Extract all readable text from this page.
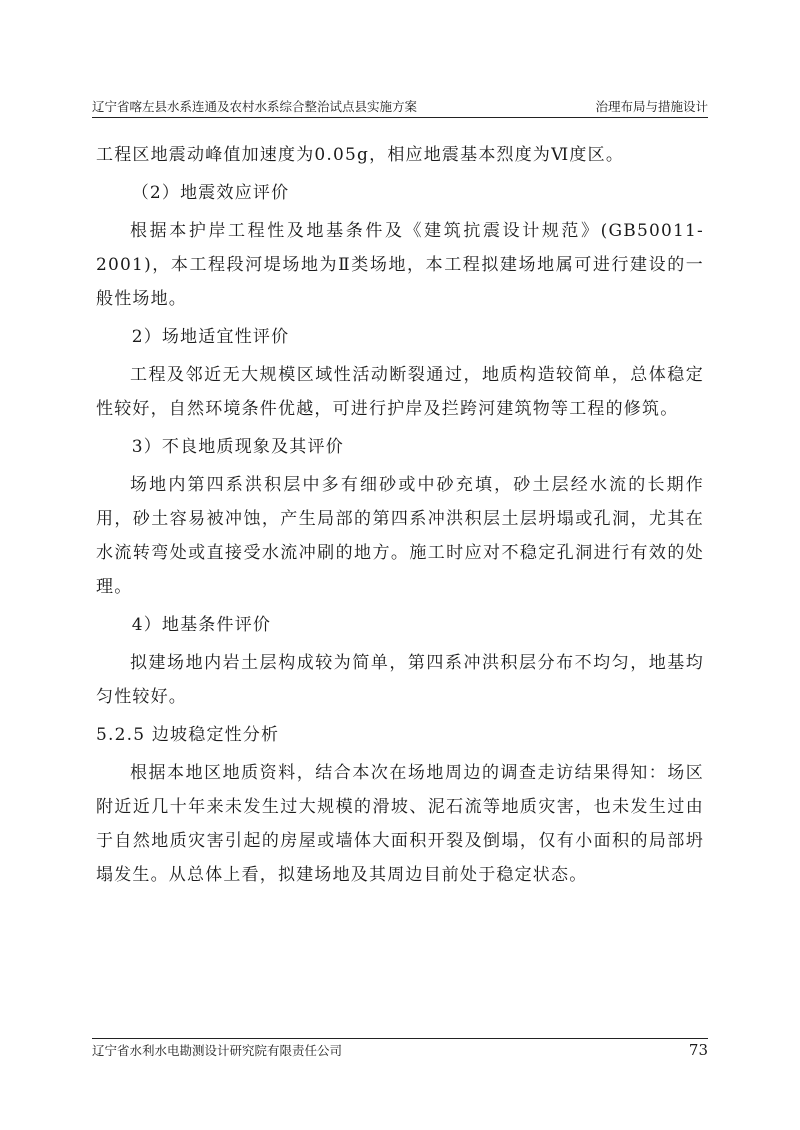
辽宁省喀左县水系连通及农村水系综合整治试点县实施方案	治理布局与措施设计

工程区地震动峰值加速度为0.05g，相应地震基本烈度为Ⅵ度区。

（2）地震效应评价

根据本护岸工程性及地基条件及《建筑抗震设计规范》(GB50011-2001)，本工程段河堤场地为Ⅱ类场地，本工程拟建场地属可进行建设的一般性场地。

2）场地适宜性评价

工程及邻近无大规模区域性活动断裂通过，地质构造较简单，总体稳定性较好，自然环境条件优越，可进行护岸及拦跨河建筑物等工程的修筑。

3）不良地质现象及其评价

场地内第四系洪积层中多有细砂或中砂充填，砂土层经水流的长期作用，砂土容易被冲蚀，产生局部的第四系冲洪积层土层坍塌或孔洞，尤其在水流转弯处或直接受水流冲刷的地方。施工时应对不稳定孔洞进行有效的处理。

4）地基条件评价

拟建场地内岩土层构成较为简单，第四系冲洪积层分布不均匀，地基均匀性较好。

5.2.5 边坡稳定性分析

根据本地区地质资料，结合本次在场地周边的调查走访结果得知：场区附近近几十年来未发生过大规模的滑坡、泥石流等地质灾害，也未发生过由于自然地质灾害引起的房屋或墙体大面积开裂及倒塌，仅有小面积的局部坍塌发生。从总体上看，拟建场地及其周边目前处于稳定状态。

辽宁省水利水电勘测设计研究院有限责任公司	73
